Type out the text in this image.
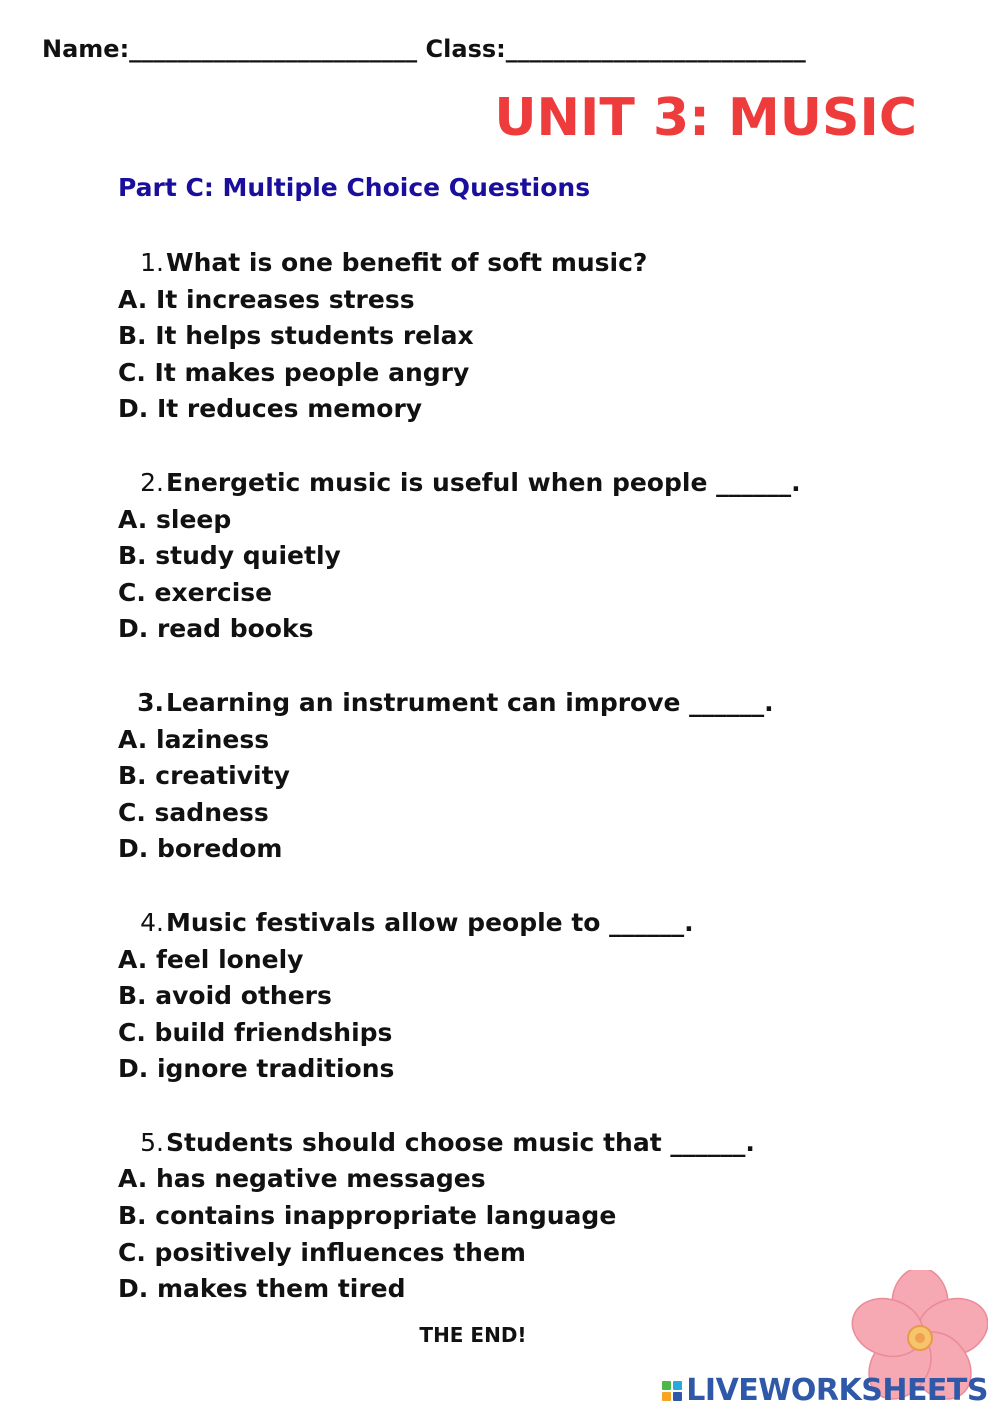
Name:________________________ Class:_________________________
UNIT 3: MUSIC
Part C: Multiple Choice Questions
1.What is one benefit of soft music?
A. It increases stress
B. It helps students relax
C. It makes people angry
D. It reduces memory
2.Energetic music is useful when people ______.
A. sleep
B. study quietly
C. exercise
D. read books
3.Learning an instrument can improve ______.
A. laziness
B. creativity
C. sadness
D. boredom
4.Music festivals allow people to ______.
A. feel lonely
B. avoid others
C. build friendships
D. ignore traditions
5.Students should choose music that ______.
A. has negative messages
B. contains inappropriate language
C. positively influences them
D. makes them tired
THE END!
LIVEWORKSHEETS
